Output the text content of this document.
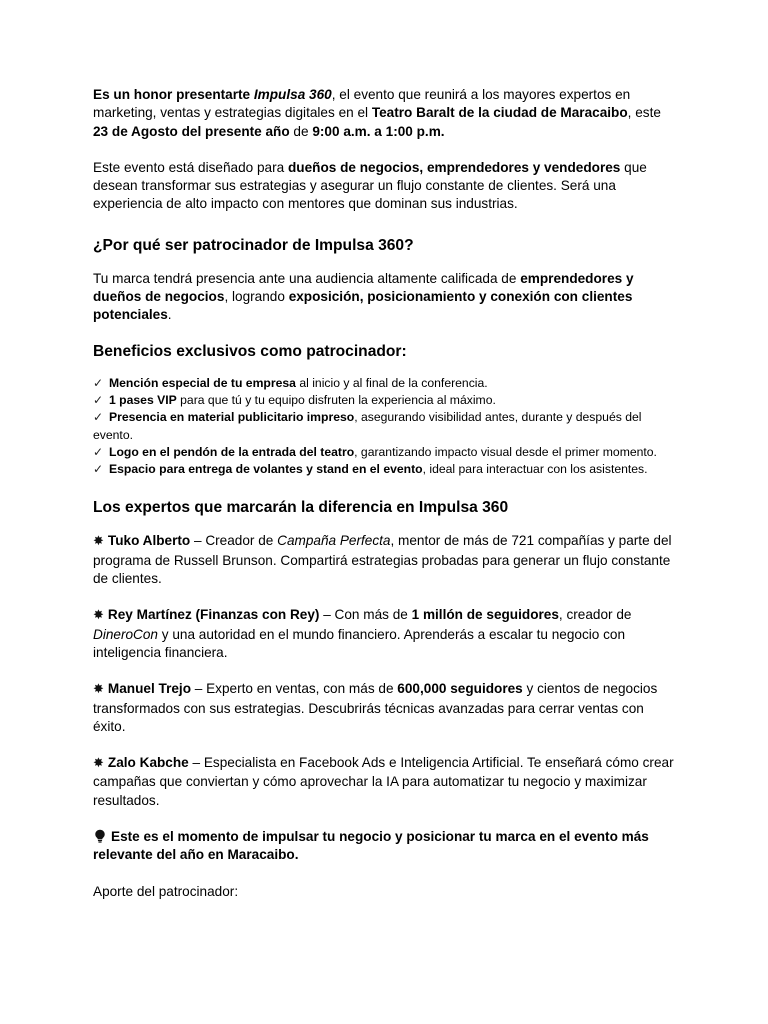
Es un honor presentarte Impulsa 360, el evento que reunirá a los mayores expertos en marketing, ventas y estrategias digitales en el Teatro Baralt de la ciudad de Maracaibo, este 23 de Agosto del presente año de 9:00 a.m. a 1:00 p.m.

Este evento está diseñado para dueños de negocios, emprendedores y vendedores que desean transformar sus estrategias y asegurar un flujo constante de clientes. Será una experiencia de alto impacto con mentores que dominan sus industrias.

¿Por qué ser patrocinador de Impulsa 360?

Tu marca tendrá presencia ante una audiencia altamente calificada de emprendedores y dueños de negocios, logrando exposición, posicionamiento y conexión con clientes potenciales.

Beneficios exclusivos como patrocinador:
✓ Mención especial de tu empresa al inicio y al final de la conferencia.
✓ 1 pases VIP para que tú y tu equipo disfruten la experiencia al máximo.
✓ Presencia en material publicitario impreso, asegurando visibilidad antes, durante y después del evento.
✓ Logo en el pendón de la entrada del teatro, garantizando impacto visual desde el primer momento.
✓ Espacio para entrega de volantes y stand en el evento, ideal para interactuar con los asistentes.
Los expertos que marcarán la diferencia en Impulsa 360

✸ Tuko Alberto – Creador de Campaña Perfecta, mentor de más de 721 compañías y parte del programa de Russell Brunson. Compartirá estrategias probadas para generar un flujo constante de clientes.

✸ Rey Martínez (Finanzas con Rey) – Con más de 1 millón de seguidores, creador de DineroCon y una autoridad en el mundo financiero. Aprenderás a escalar tu negocio con inteligencia financiera.

✸ Manuel Trejo – Experto en ventas, con más de 600,000 seguidores y cientos de negocios transformados con sus estrategias. Descubrirás técnicas avanzadas para cerrar ventas con éxito.

✸ Zalo Kabche – Especialista en Facebook Ads e Inteligencia Artificial. Te enseñará cómo crear campañas que conviertan y cómo aprovechar la IA para automatizar tu negocio y maximizar resultados.

Este es el momento de impulsar tu negocio y posicionar tu marca en el evento más relevante del año en Maracaibo.

Aporte del patrocinador:
